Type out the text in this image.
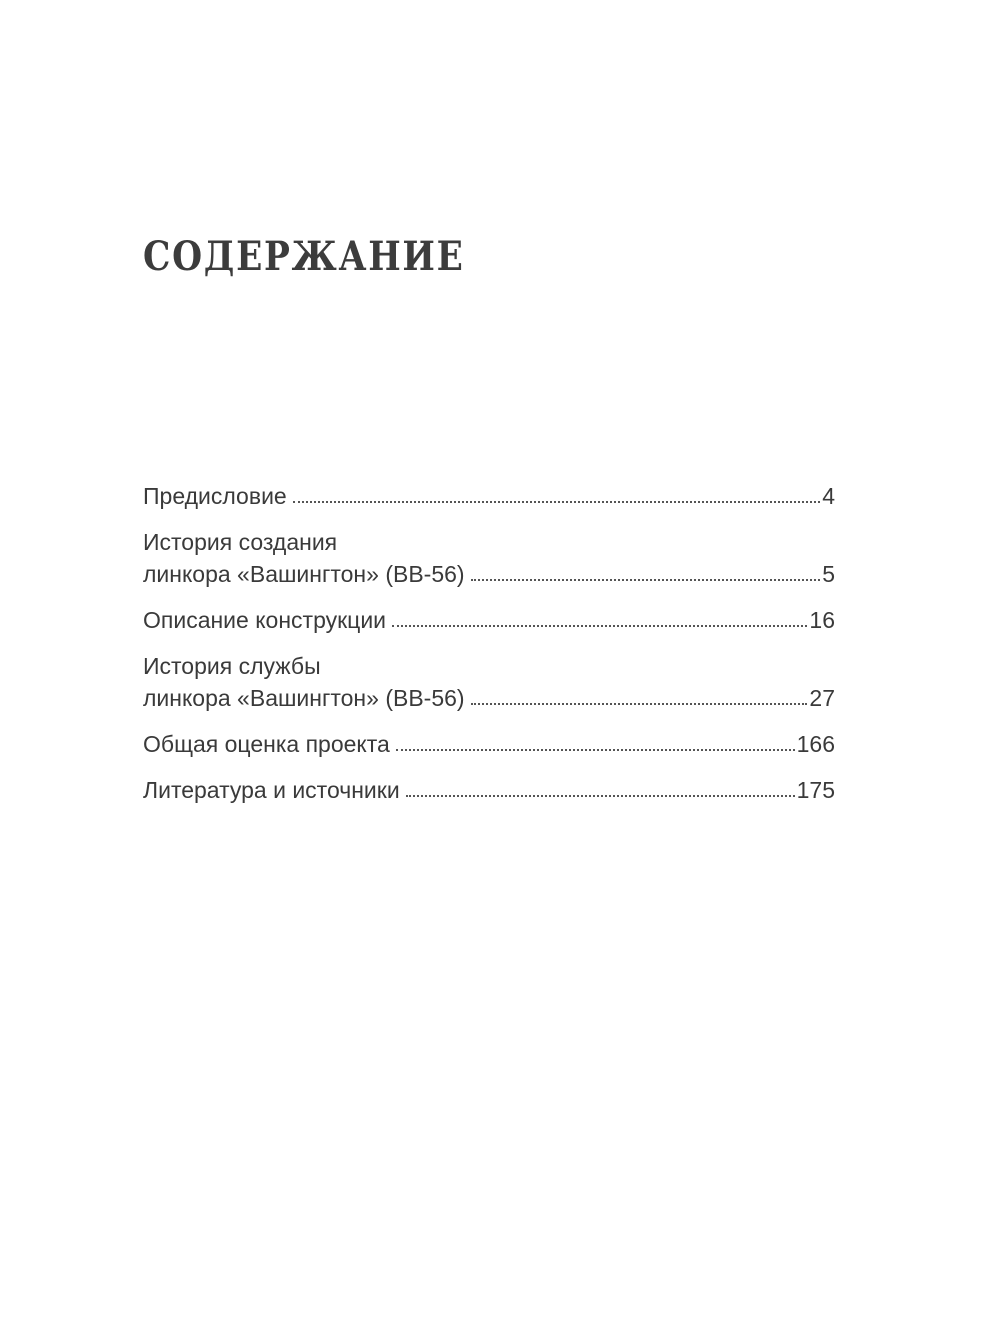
СОДЕРЖАНИЕ
Предисловие	4
История создания
линкора «Вашингтон» (ВВ-56)	5
Описание конструкции	16
История службы
линкора «Вашингтон» (ВВ-56)	27
Общая оценка проекта	166
Литература и источники	175
